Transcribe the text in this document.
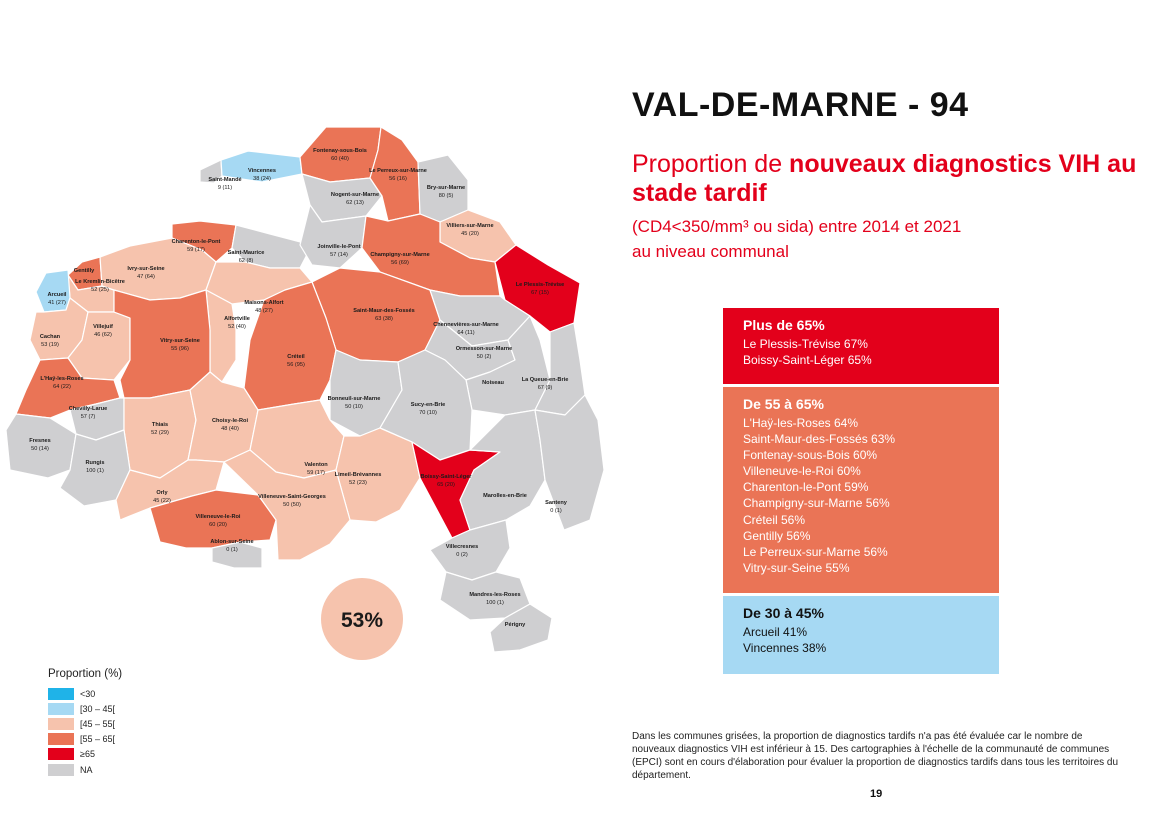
53%
Vincennes
38 (24)
Saint-Mandé
9 (11)
Fontenay-sous-Bois
60 (40)
Le Perreux-sur-Marne
56 (16)
Nogent-sur-Marne
62 (13)
Bry-sur-Marne
80 (5)
Villiers-sur-Marne
45 (20)
Charenton-le-Pont
59 (17)	Saint-Maurice
62 (8)
Joinville-le-Pont
57 (14)	Champigny-sur-Marne
56 (69)
Le Plessis-Trévise
67 (15)
Gentilly
Le Kremlin-Bicêtre
52 (25)
Ivry-sur-Seine
47 (64)
Arcueil
41 (27)	Maisons-Alfort
48 (27)
Alfortville
52 (40)
Saint-Maur-des-Fossés
63 (38)
Chennevières-sur-Marne
64 (11)
Cachan
53 (19)
Villejuif
46 (62)
Vitry-sur-Seine
55 (96)
Créteil
56 (95)
Ormesson-sur-Marne
50 (2)
Noiseau	La Queue-en-Brie
67 (9)
L'Haÿ-les-Roses
64 (22)
Chevilly-Larue
57 (7)
Bonneuil-sur-Marne
50 (10)	Sucy-en-Brie
70 (10)
Fresnes
50 (14)
Thiais
52 (29)
Choisy-le-Roi
48 (40)
Rungis
100 (1)
Valenton
59 (17) Limeil-Brévannes
52 (23)
Boissy-Saint-Léger
65 (20)
Marolles-en-Brie
Orly
45 (22)
Villeneuve-Saint-Georges
50 (50)	Santeny
0 (1)
Villeneuve-le-Roi
60 (20)
Ablon-sur-Seine
0 (1)	Villecresnes
0 (2)
Mandres-les-Roses
100 (1)
Périgny
VAL-DE-MARNE - 94
Proportion de nouveaux diagnostics VIH au stade tardif
(CD4<350/mm³ ou sida) entre 2014 et 2021
au niveau communal
Plus de 65%
Le Plessis-Trévise 67%
Boissy-Saint-Léger 65%
De 55 à 65%
L'Haÿ-les-Roses 64%
Saint-Maur-des-Fossés 63%
Fontenay-sous-Bois 60%
Villeneuve-le-Roi 60%
Charenton-le-Pont 59%
Champigny-sur-Marne 56%
Créteil 56%
Gentilly 56%
Le Perreux-sur-Marne 56%
Vitry-sur-Seine 55%
De 30 à 45%
Arcueil 41%
Vincennes 38%
Proportion (%)
<30
[30 – 45[
[45 – 55[
[55 – 65[
≥65
NA
Dans les communes grisées, la proportion de diagnostics tardifs n'a pas été évaluée car le nombre de nouveaux diagnostics VIH est inférieur à 15. Des cartographies à l'échelle de la communauté de communes (EPCI) sont en cours d'élaboration pour évaluer la proportion de diagnostics tardifs dans tous les territoires du département.
19
